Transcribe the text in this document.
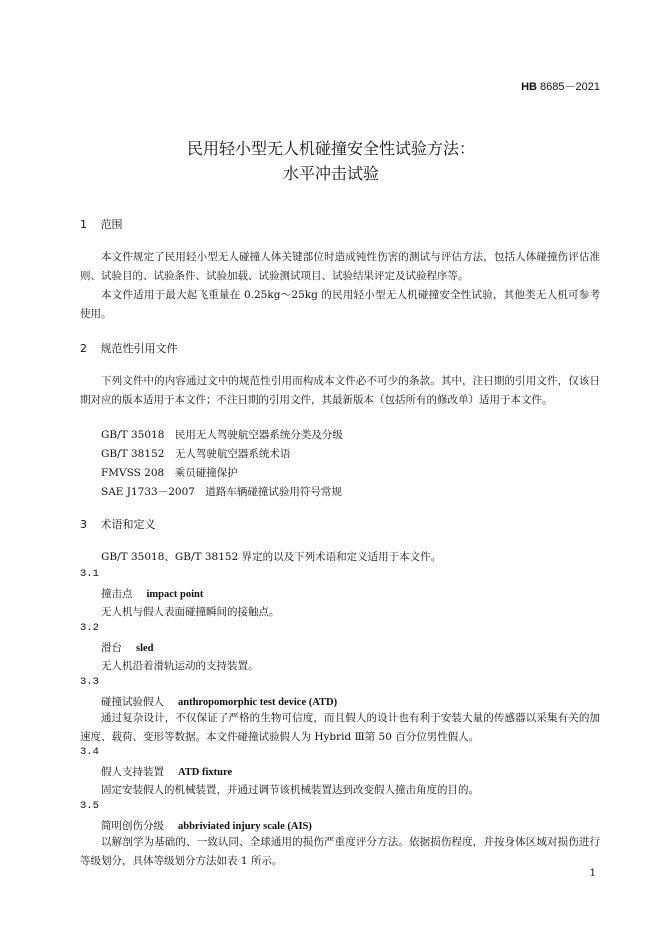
HB 8685－2021
民用轻小型无人机碰撞安全性试验方法：
水平冲击试验
1 范围
本文件规定了民用轻小型无人碰撞人体关键部位时造成钝性伤害的测试与评估方法，包括人体碰撞伤评估准则、试验目的、试验条件、试验加载、试验测试项目、试验结果评定及试验程序等。
本文件适用于最大起飞重量在 0.25kg～25kg 的民用轻小型无人机碰撞安全性试验，其他类无人机可参考使用。
2 规范性引用文件
下列文件中的内容通过文中的规范性引用而构成本文件必不可少的条款。其中，注日期的引用文件，仅该日期对应的版本适用于本文件；不注日期的引用文件，其最新版本（包括所有的修改单）适用于本文件。
GB/T 35018　民用无人驾驶航空器系统分类及分级
GB/T 38152　无人驾驶航空器系统术语
FMVSS 208　乘员碰撞保护
SAE J1733－2007　道路车辆碰撞试验用符号常规
3 术语和定义
GB/T 35018、GB/T 38152 界定的以及下列术语和定义适用于本文件。
3.1
撞击点 impact point
无人机与假人表面碰撞瞬间的接触点。
3.2
滑台 sled
无人机沿着滑轨运动的支持装置。
3.3
碰撞试验假人 anthropomorphic test device (ATD)
通过复杂设计，不仅保证了严格的生物可信度，而且假人的设计也有利于安装大量的传感器以采集有关的加速度、载荷、变形等数据。本文件碰撞试验假人为 Hybrid Ⅲ第 50 百分位男性假人。
3.4
假人支持装置 ATD fixture
固定安装假人的机械装置，并通过调节该机械装置达到改变假人撞击角度的目的。
3.5
简明创伤分级 abbriviated injury scale (AIS)
以解剖学为基础的、一致认同、全球通用的损伤严重度评分方法。依据损伤程度，并按身体区域对损伤进行等级划分，具体等级划分方法如表 1 所示。
1
